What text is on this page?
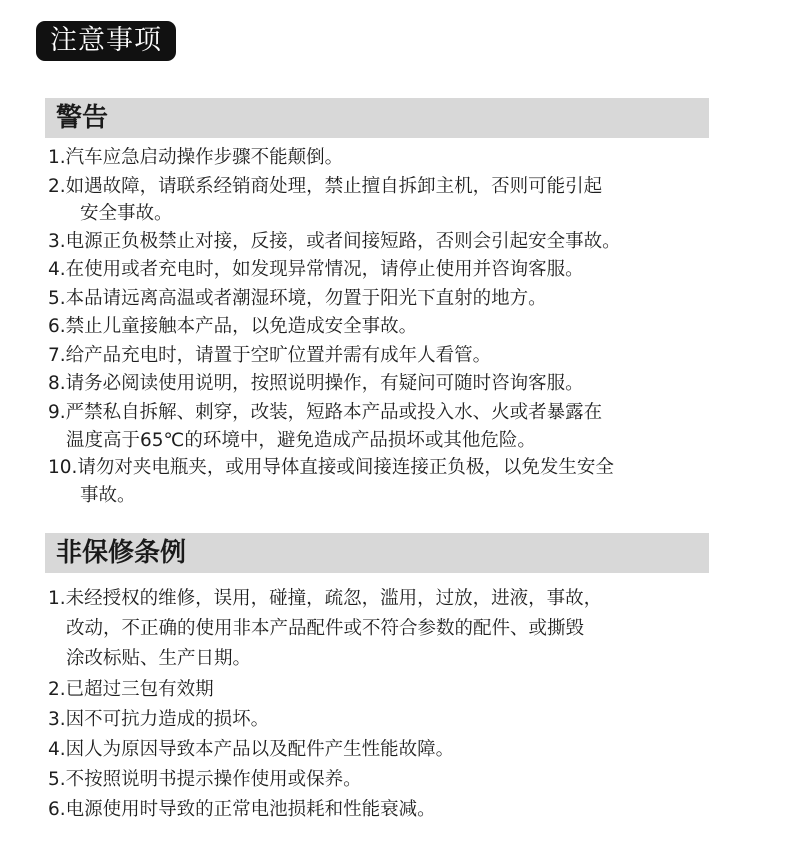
注意事项
警告
1.汽车应急启动操作步骤不能颠倒。
2.如遇故障，请联系经销商处理，禁止擅自拆卸主机，否则可能引起
安全事故。
3.电源正负极禁止对接，反接，或者间接短路，否则会引起安全事故。
4.在使用或者充电时，如发现异常情况，请停止使用并咨询客服。
5.本品请远离高温或者潮湿环境，勿置于阳光下直射的地方。
6.禁止儿童接触本产品，以免造成安全事故。
7.给产品充电时，请置于空旷位置并需有成年人看管。
8.请务必阅读使用说明，按照说明操作，有疑问可随时咨询客服。
9.严禁私自拆解、刺穿，改装，短路本产品或投入水、火或者暴露在
温度高于65℃的环境中，避免造成产品损坏或其他危险。
10.请勿对夹电瓶夹，或用导体直接或间接连接正负极，以免发生安全
事故。
非保修条例
1.未经授权的维修，误用，碰撞，疏忽，滥用，过放，进液，事故，
改动，不正确的使用非本产品配件或不符合参数的配件、或撕毁
涂改标贴、生产日期。
2.已超过三包有效期
3.因不可抗力造成的损坏。
4.因人为原因导致本产品以及配件产生性能故障。
5.不按照说明书提示操作使用或保养。
6.电源使用时导致的正常电池损耗和性能衰减。
